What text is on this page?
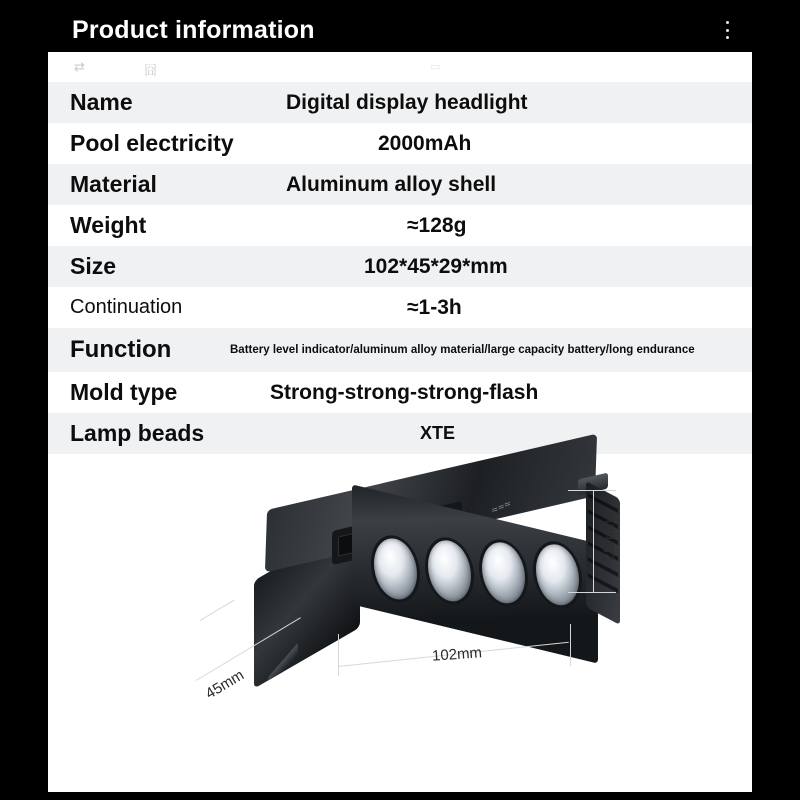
Product information
⇄	囧	▭
Name	Digital display headlight
Pool electricity	2000mAh
Material	Aluminum alloy shell
Weight	≈128g
Size	102*45*29*mm
Continuation	≈1-3h
Function	Battery level indicator/aluminum alloy material/large capacity battery/long endurance
Mold type	Strong-strong-strong-flash
Lamp beads	XTE
≈≈≈
29mm
102mm
45mm
